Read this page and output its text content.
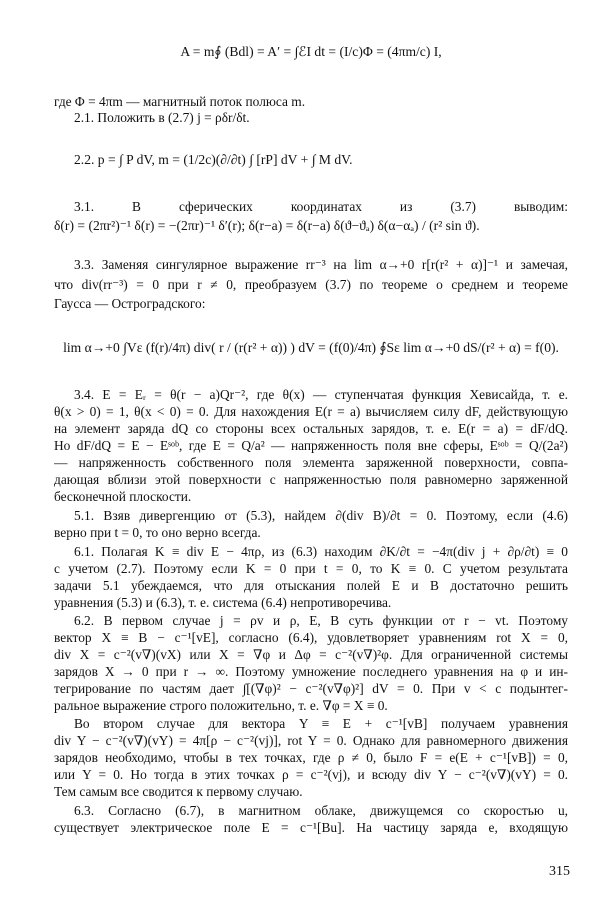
A = m∮ (Bdl) = A′ = ∫ℰI dt = (I/c)Φ = (4πm/c) I,
где Φ = 4πm — магнитный поток полюса m.
2.1. Положить в (2.7) j = ρδr/δt.
2.2. p = ∫ P dV, m = (1/2c)(∂/∂t) ∫ [rP] dV + ∫ M dV.
3.1. В сферических координатах из (3.7) выводим:
δ(r) = (2πr²)⁻¹ δ(r) = −(2πr)⁻¹ δ′(r); δ(r−a) = δ(r−a) δ(ϑ−ϑₐ) δ(α−αₐ) / (r² sin ϑ).
3.3. Заменяя сингулярное выражение rr⁻³ на lim α→+0 r[r(r² + α)]⁻¹ и замечая,
что div(rr⁻³) = 0 при r ≠ 0, преобразуем (3.7) по теореме о среднем и теореме
Гаусса — Остроградского:
lim α→+0 ∫Vε (f(r)/4π) div( r / (r(r² + α)) ) dV = (f(0)/4π) ∮Sε lim α→+0 dS/(r² + α) = f(0).
3.4. E = Eᵣ = θ(r − a)Qr⁻², где θ(x) — ступенчатая функция Хевисайда, т. е.
θ(x > 0) = 1, θ(x < 0) = 0. Для нахождения E(r = a) вычисляем силу dF, действующую
на элемент заряда dQ со стороны всех остальных зарядов, т. е. E(r = a) = dF/dQ.
Но dF/dQ = E − Eˢᵒᵇ, где E = Q/a² — напряженность поля вне сферы, Eˢᵒᵇ = Q/(2a²)
— напряженность собственного поля элемента заряженной поверхности, совпа-
дающая вблизи этой поверхности с напряженностью поля равномерно заряженной
бесконечной плоскости.
5.1. Взяв дивергенцию от (5.3), найдем ∂(div B)/∂t = 0. Поэтому, если (4.6)
верно при t = 0, то оно верно всегда.
6.1. Полагая K ≡ div E − 4πρ, из (6.3) находим ∂K/∂t = −4π(div j + ∂ρ/∂t) ≡ 0
с учетом (2.7). Поэтому если K = 0 при t = 0, то K ≡ 0. С учетом результата
задачи 5.1 убеждаемся, что для отыскания полей E и B достаточно решить
уравнения (5.3) и (6.3), т. е. система (6.4) непротиворечива.
6.2. В первом случае j = ρv и ρ, E, B суть функции от r − vt. Поэтому
вектор X ≡ B − c⁻¹[vE], согласно (6.4), удовлетворяет уравнениям rot X = 0,
div X = c⁻²(v∇)(vX) или X = ∇φ и Δφ = c⁻²(v∇)²φ. Для ограниченной системы
зарядов X → 0 при r → ∞. Поэтому умножение последнего уравнения на φ и ин-
тегрирование по частям дает ∫[(∇φ)² − c⁻²(v∇φ)²] dV = 0. При v < c подынтег-
ральное выражение строго положительно, т. е. ∇φ = X ≡ 0.
Во втором случае для вектора Y ≡ E + c⁻¹[vB] получаем уравнения
div Y − c⁻²(v∇)(vY) = 4π[ρ − c⁻²(vj)], rot Y = 0. Однако для равномерного движения
зарядов необходимо, чтобы в тех точках, где ρ ≠ 0, было F = e(E + c⁻¹[vB]) = 0,
или Y = 0. Но тогда в этих точках ρ = c⁻²(vj), и всюду div Y − c⁻²(v∇)(vY) = 0.
Тем самым все сводится к первому случаю.
6.3. Согласно (6.7), в магнитном облаке, движущемся со скоростью u,
существует электрическое поле E = c⁻¹[Bu]. На частицу заряда e, входящую
315
